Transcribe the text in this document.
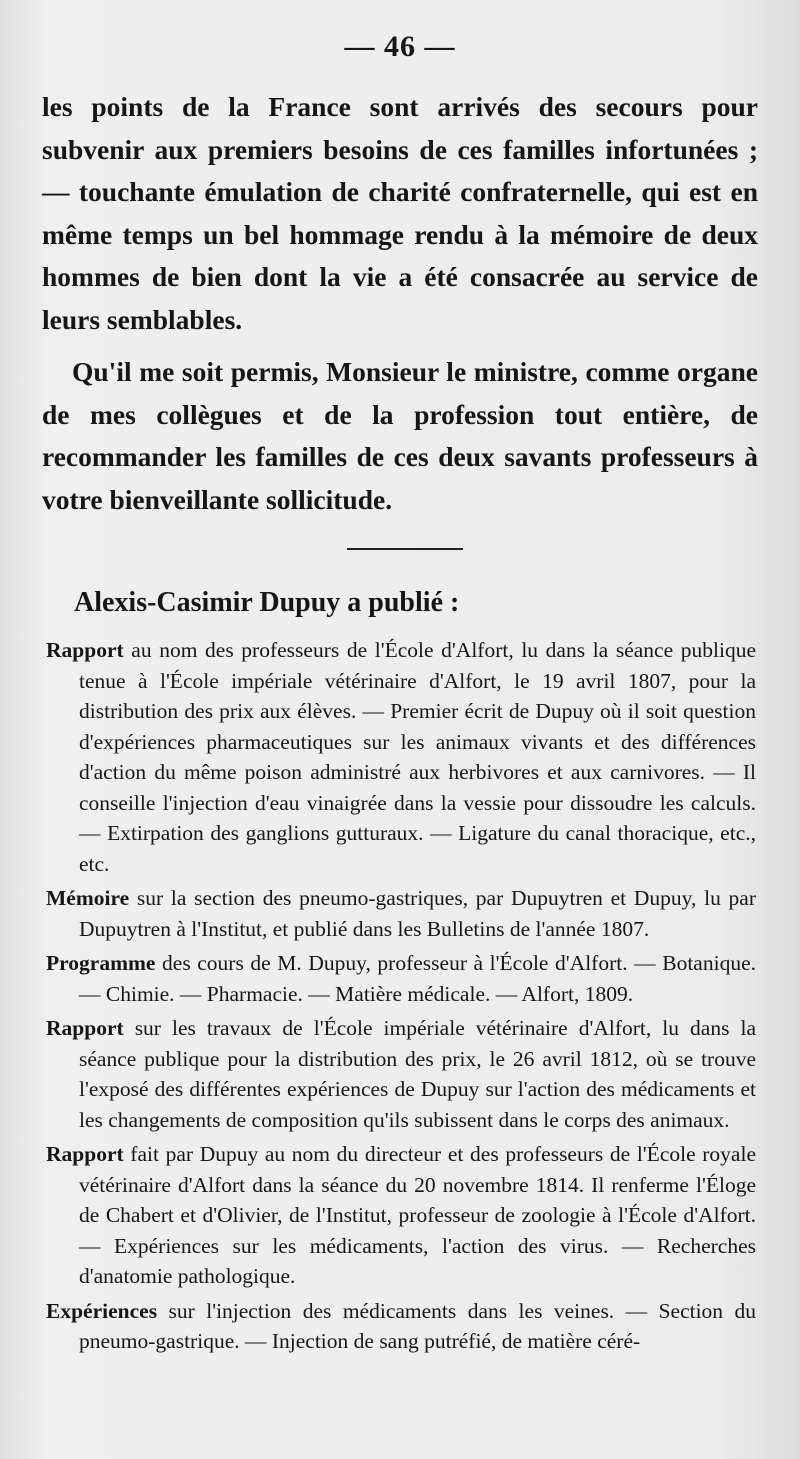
— 46 —

les points de la France sont arrivés des secours pour subvenir aux premiers besoins de ces familles infortunées ; — touchante émulation de charité confraternelle, qui est en même temps un bel hommage rendu à la mémoire de deux hommes de bien dont la vie a été consacrée au service de leurs semblables.

Qu'il me soit permis, Monsieur le ministre, comme organe de mes collègues et de la profession tout entière, de recommander les familles de ces deux savants professeurs à votre bienveillante sollicitude.

Alexis-Casimir Dupuy a publié :

Rapport au nom des professeurs de l'École d'Alfort, lu dans la séance publique tenue à l'École impériale vétérinaire d'Alfort, le 19 avril 1807, pour la distribution des prix aux élèves. — Premier écrit de Dupuy où il soit question d'expériences pharmaceutiques sur les animaux vivants et des différences d'action du même poison administré aux herbivores et aux carnivores. — Il conseille l'injection d'eau vinaigrée dans la vessie pour dissoudre les calculs. — Extirpation des ganglions gutturaux. — Ligature du canal thoracique, etc., etc.

Mémoire sur la section des pneumo-gastriques, par Dupuytren et Dupuy, lu par Dupuytren à l'Institut, et publié dans les Bulletins de l'année 1807.

Programme des cours de M. Dupuy, professeur à l'École d'Alfort. — Botanique. — Chimie. — Pharmacie. — Matière médicale. — Alfort, 1809.

Rapport sur les travaux de l'École impériale vétérinaire d'Alfort, lu dans la séance publique pour la distribution des prix, le 26 avril 1812, où se trouve l'exposé des différentes expériences de Dupuy sur l'action des médicaments et les changements de composition qu'ils subissent dans le corps des animaux.

Rapport fait par Dupuy au nom du directeur et des professeurs de l'École royale vétérinaire d'Alfort dans la séance du 20 novembre 1814. Il renferme l'Éloge de Chabert et d'Olivier, de l'Institut, professeur de zoologie à l'École d'Alfort. — Expériences sur les médicaments, l'action des virus. — Recherches d'anatomie pathologique.

Expériences sur l'injection des médicaments dans les veines. — Section du pneumo-gastrique. — Injection de sang putréfié, de matière céré-
